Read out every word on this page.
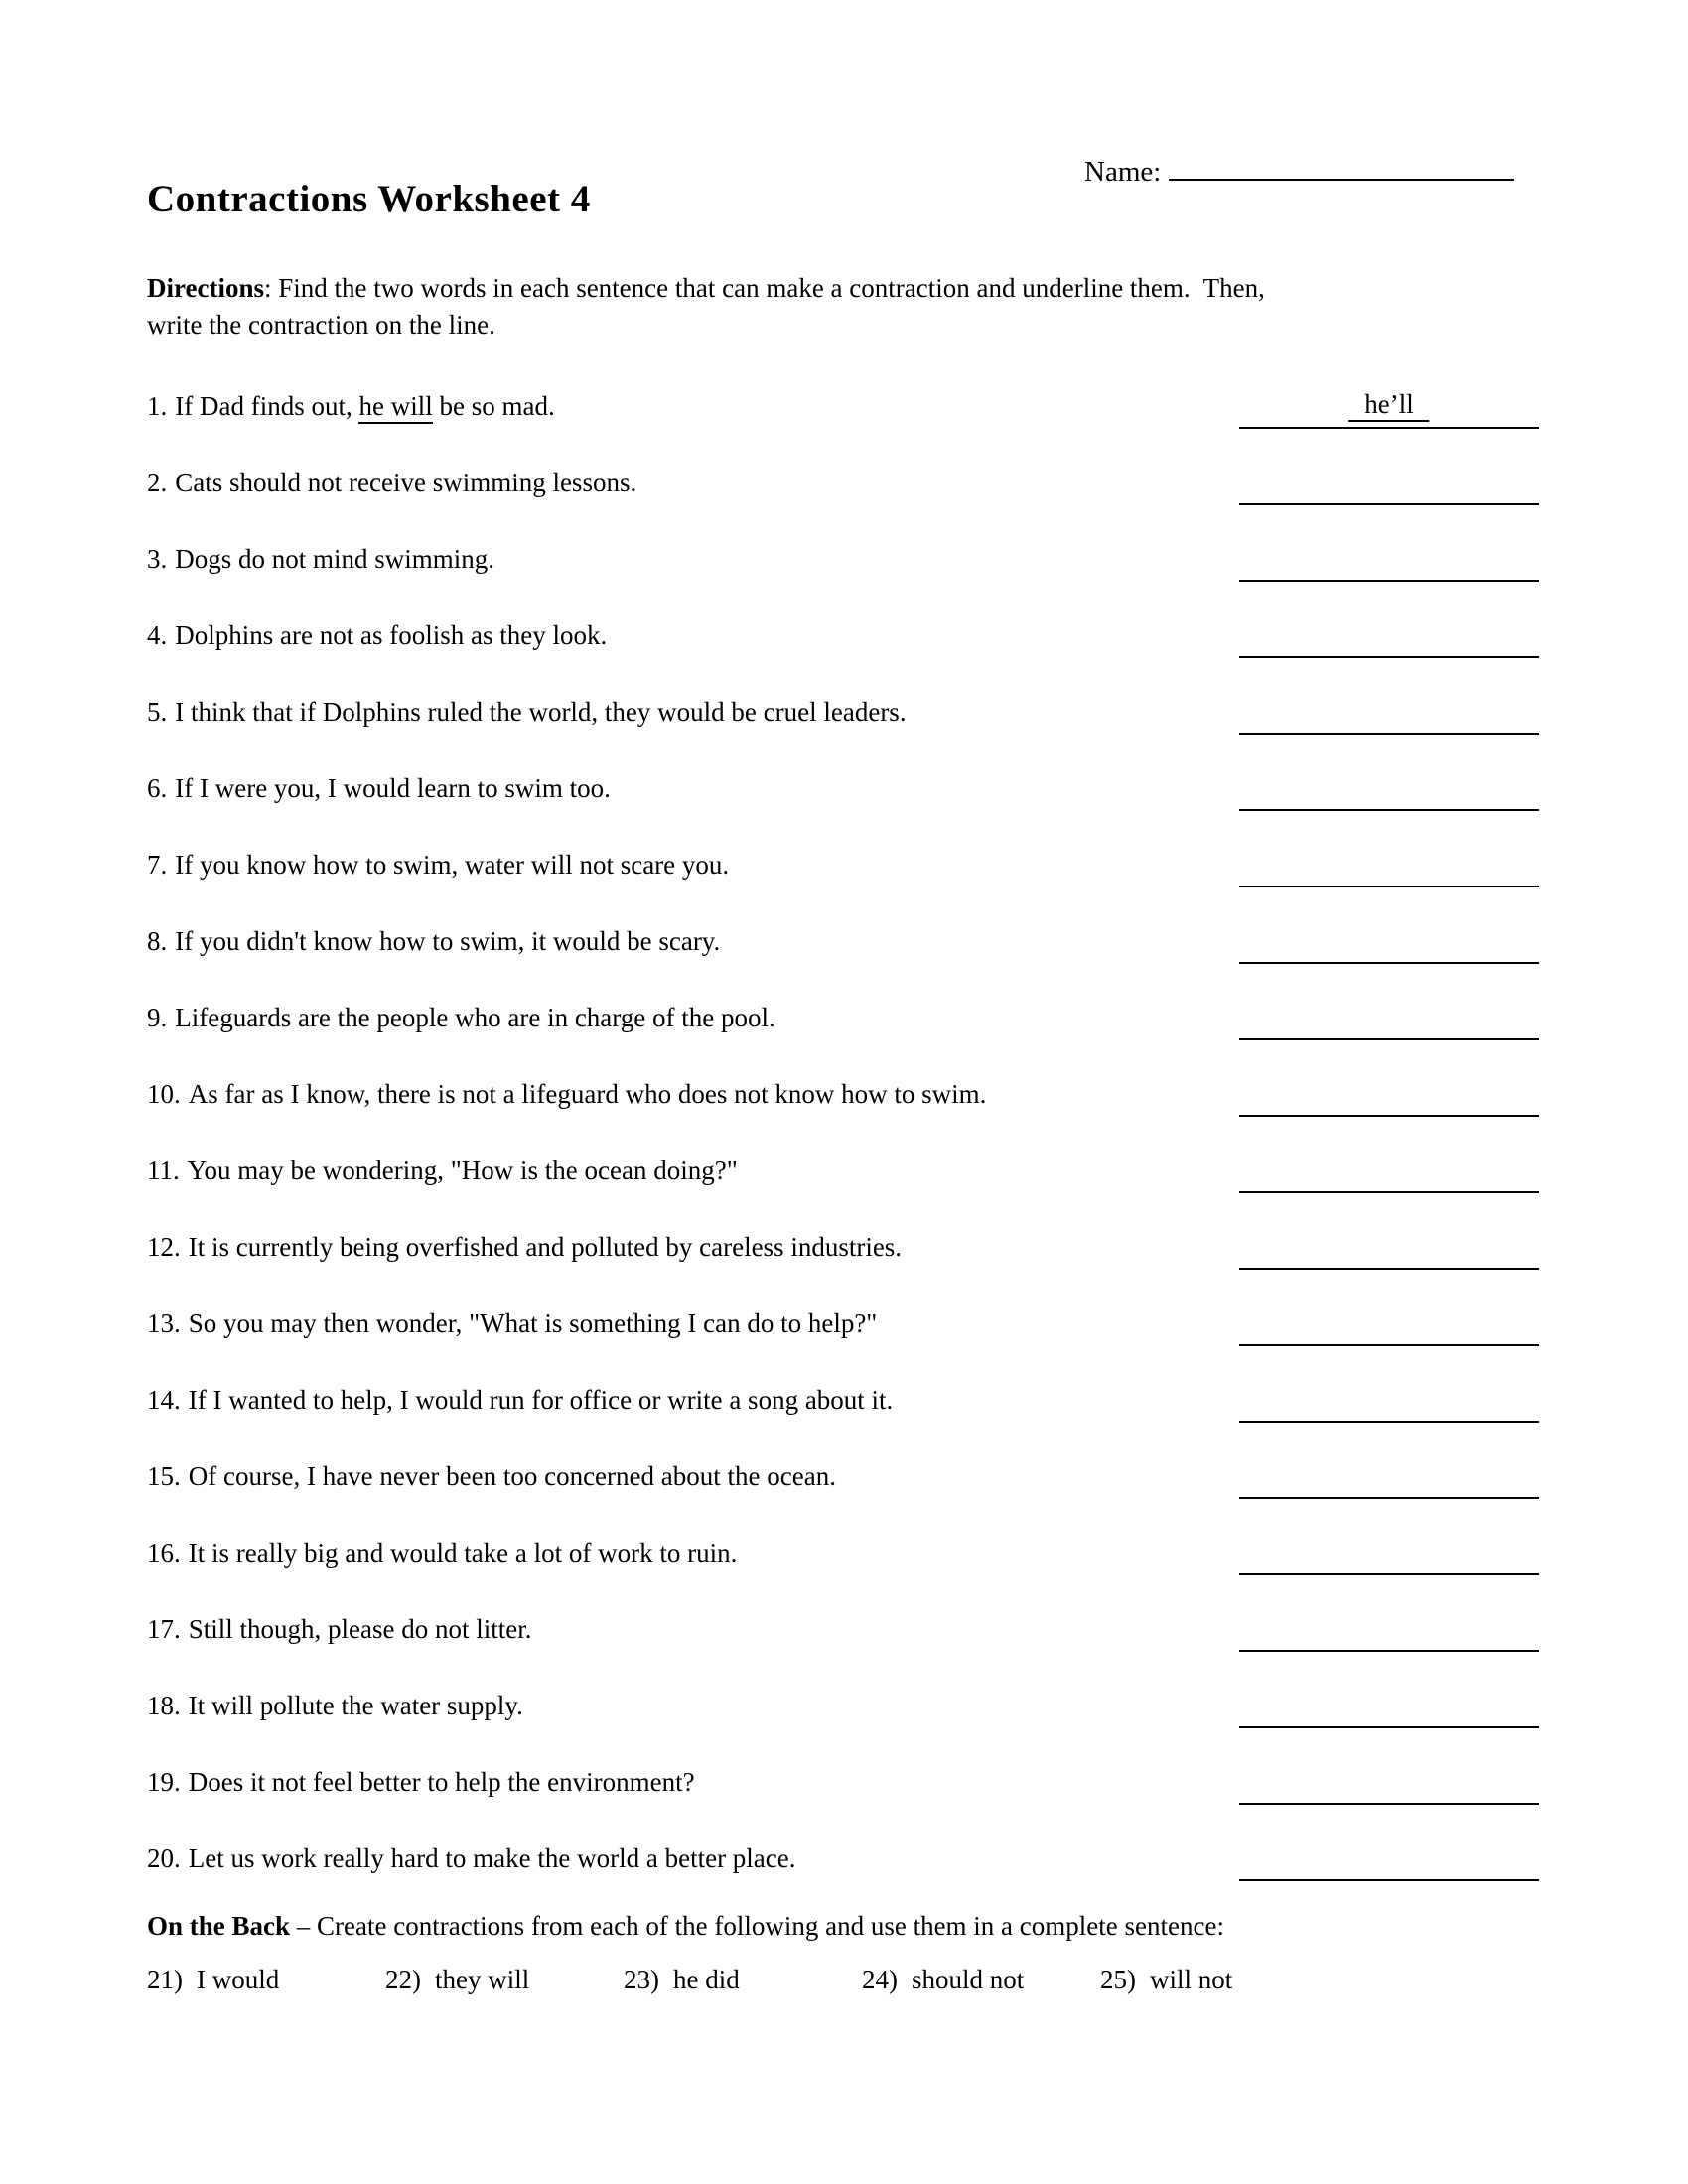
Name:
Contractions Worksheet 4

Directions: Find the two words in each sentence that can make a contraction and underline them.  Then,
write the contraction on the line.

1. If Dad finds out, he will be so mad.	he’ll
2. Cats should not receive swimming lessons.
3. Dogs do not mind swimming.
4. Dolphins are not as foolish as they look.
5. I think that if Dolphins ruled the world, they would be cruel leaders.
6. If I were you, I would learn to swim too.
7. If you know how to swim, water will not scare you.
8. If you didn't know how to swim, it would be scary.
9. Lifeguards are the people who are in charge of the pool.
10. As far as I know, there is not a lifeguard who does not know how to swim.
11. You may be wondering, "How is the ocean doing?"
12. It is currently being overfished and polluted by careless industries.
13. So you may then wonder, "What is something I can do to help?"
14. If I wanted to help, I would run for office or write a song about it.
15. Of course, I have never been too concerned about the ocean.
16. It is really big and would take a lot of work to ruin.
17. Still though, please do not litter.
18. It will pollute the water supply.
19. Does it not feel better to help the environment?
20. Let us work really hard to make the world a better place.

On the Back – Create contractions from each of the following and use them in a complete sentence:

21) I would	22) they will	23) he did	24) should not	25) will not
